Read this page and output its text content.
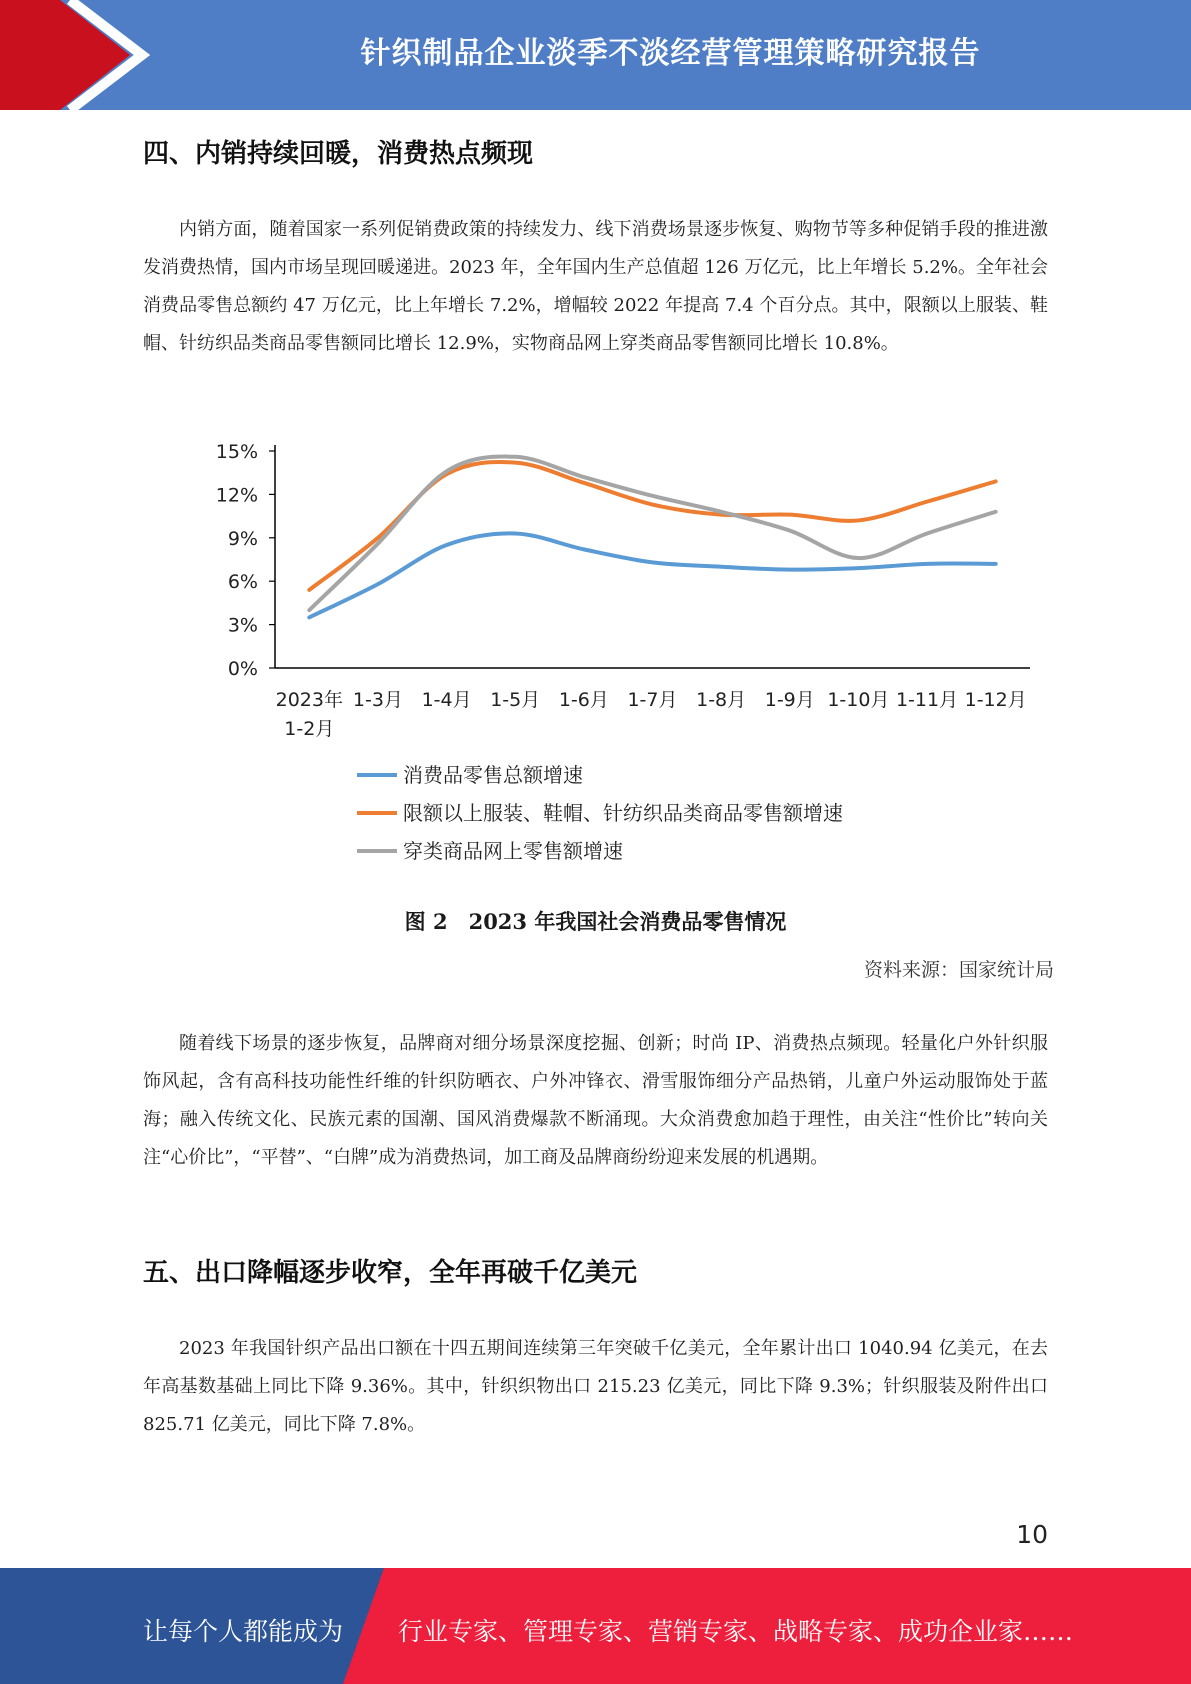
针织制品企业淡季不淡经营管理策略研究报告
四、内销持续回暖，消费热点频现

内销方面，随着国家一系列促销费政策的持续发力、线下消费场景逐步恢复、购物节等多种促销手段的推进激发消费热情，国内市场呈现回暖递进。2023 年，全年国内生产总值超 126 万亿元，比上年增长 5.2%。全年社会消费品零售总额约 47 万亿元，比上年增长 7.2%，增幅较 2022 年提高 7.4 个百分点。其中，限额以上服装、鞋帽、针纺织品类商品零售额同比增长 12.9%，实物商品网上穿类商品零售额同比增长 10.8%。

0%
3%
6%
9%
12%
15%
2023年
1-2月
1-3月 1-4月 1-5月 1-6月 1-7月 1-8月 1-9月 1-10月 1-11月 1-12月
消费品零售总额增速
限额以上服装、鞋帽、针纺织品类商品零售额增速
穿类商品网上零售额增速
图 2　2023 年我国社会消费品零售情况
资料来源：国家统计局

随着线下场景的逐步恢复，品牌商对细分场景深度挖掘、创新；时尚 IP、消费热点频现。轻量化户外针织服饰风起，含有高科技功能性纤维的针织防晒衣、户外冲锋衣、滑雪服饰细分产品热销，儿童户外运动服饰处于蓝海；融入传统文化、民族元素的国潮、国风消费爆款不断涌现。大众消费愈加趋于理性，由关注“性价比”转向关注“心价比”，“平替”、“白牌”成为消费热词，加工商及品牌商纷纷迎来发展的机遇期。

五、出口降幅逐步收窄，全年再破千亿美元

2023 年我国针织产品出口额在十四五期间连续第三年突破千亿美元，全年累计出口 1040.94 亿美元，在去年高基数基础上同比下降 9.36%。其中，针织织物出口 215.23 亿美元，同比下降 9.3%；针织服装及附件出口 825.71 亿美元，同比下降 7.8%。

10
让每个人都能成为 行业专家、管理专家、营销专家、战略专家、成功企业家……
